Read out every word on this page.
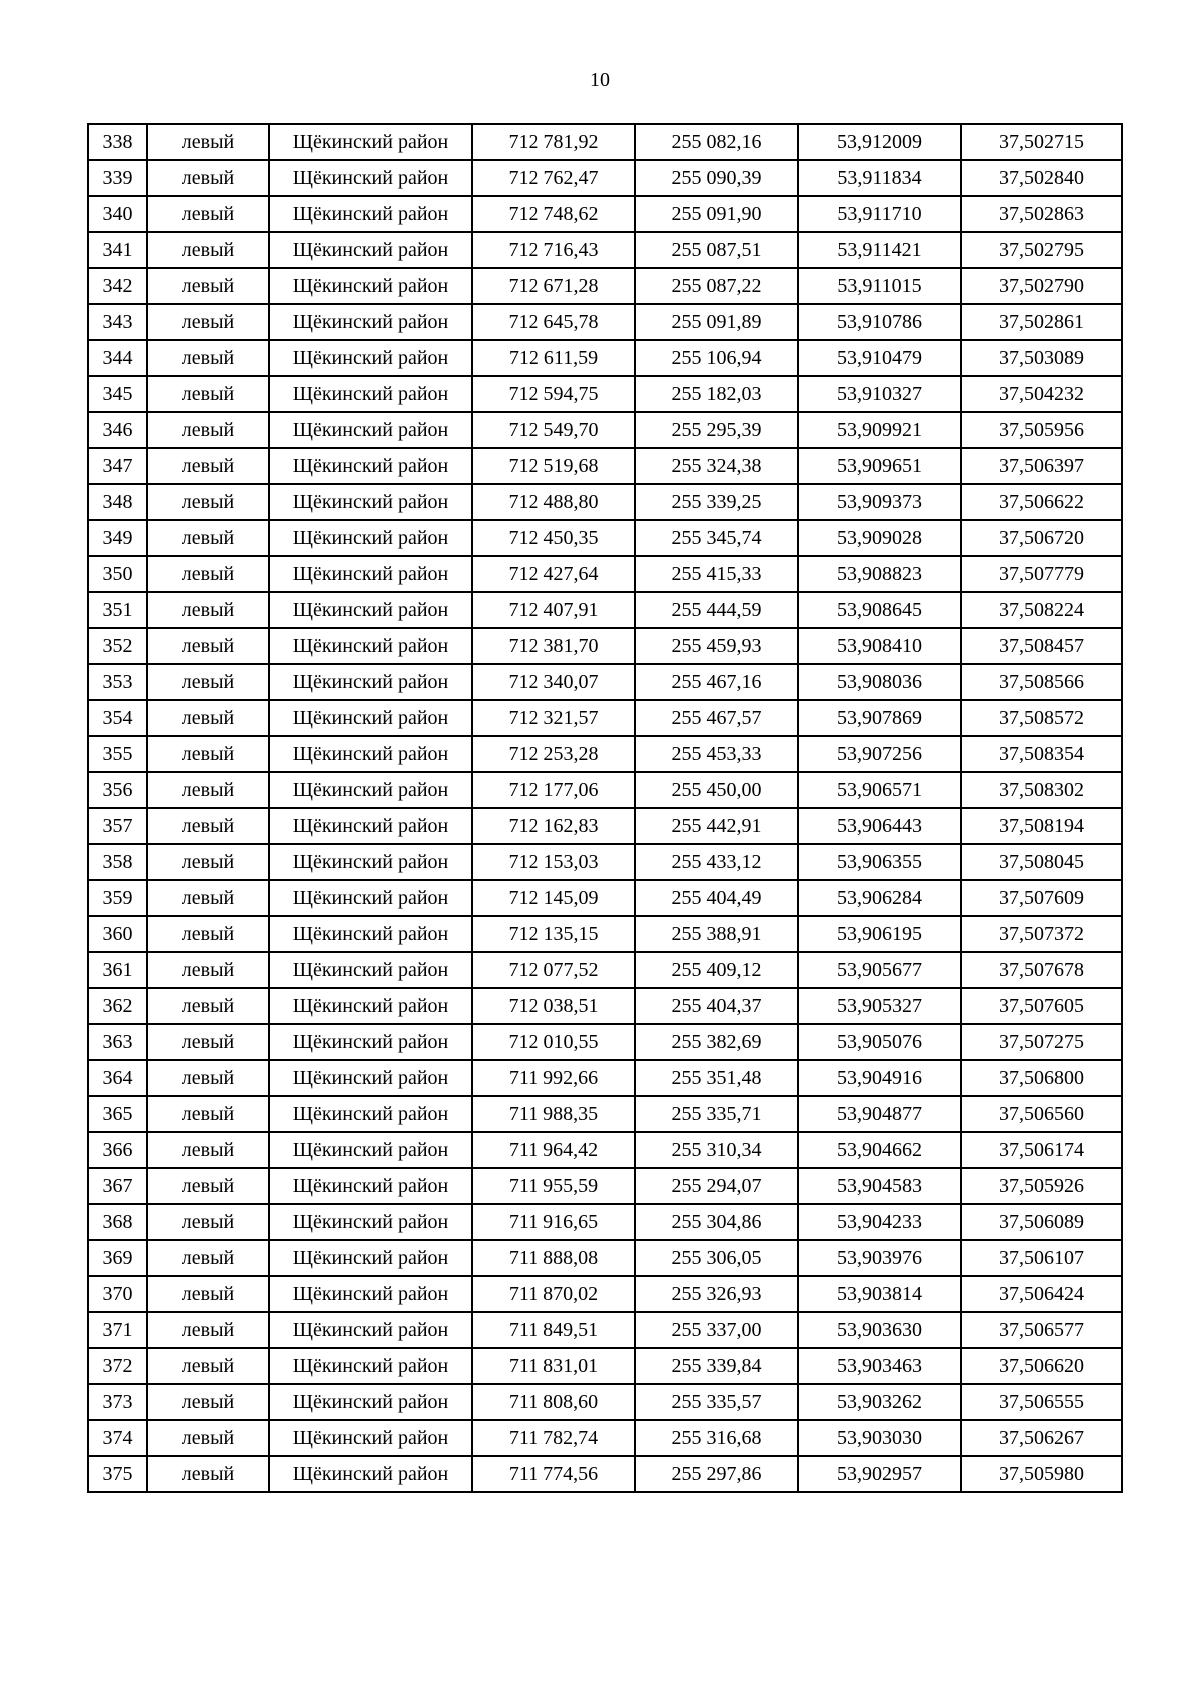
10
338	левый	Щёкинский район	712 781,92	255 082,16	53,912009	37,502715
339	левый	Щёкинский район	712 762,47	255 090,39	53,911834	37,502840
340	левый	Щёкинский район	712 748,62	255 091,90	53,911710	37,502863
341	левый	Щёкинский район	712 716,43	255 087,51	53,911421	37,502795
342	левый	Щёкинский район	712 671,28	255 087,22	53,911015	37,502790
343	левый	Щёкинский район	712 645,78	255 091,89	53,910786	37,502861
344	левый	Щёкинский район	712 611,59	255 106,94	53,910479	37,503089
345	левый	Щёкинский район	712 594,75	255 182,03	53,910327	37,504232
346	левый	Щёкинский район	712 549,70	255 295,39	53,909921	37,505956
347	левый	Щёкинский район	712 519,68	255 324,38	53,909651	37,506397
348	левый	Щёкинский район	712 488,80	255 339,25	53,909373	37,506622
349	левый	Щёкинский район	712 450,35	255 345,74	53,909028	37,506720
350	левый	Щёкинский район	712 427,64	255 415,33	53,908823	37,507779
351	левый	Щёкинский район	712 407,91	255 444,59	53,908645	37,508224
352	левый	Щёкинский район	712 381,70	255 459,93	53,908410	37,508457
353	левый	Щёкинский район	712 340,07	255 467,16	53,908036	37,508566
354	левый	Щёкинский район	712 321,57	255 467,57	53,907869	37,508572
355	левый	Щёкинский район	712 253,28	255 453,33	53,907256	37,508354
356	левый	Щёкинский район	712 177,06	255 450,00	53,906571	37,508302
357	левый	Щёкинский район	712 162,83	255 442,91	53,906443	37,508194
358	левый	Щёкинский район	712 153,03	255 433,12	53,906355	37,508045
359	левый	Щёкинский район	712 145,09	255 404,49	53,906284	37,507609
360	левый	Щёкинский район	712 135,15	255 388,91	53,906195	37,507372
361	левый	Щёкинский район	712 077,52	255 409,12	53,905677	37,507678
362	левый	Щёкинский район	712 038,51	255 404,37	53,905327	37,507605
363	левый	Щёкинский район	712 010,55	255 382,69	53,905076	37,507275
364	левый	Щёкинский район	711 992,66	255 351,48	53,904916	37,506800
365	левый	Щёкинский район	711 988,35	255 335,71	53,904877	37,506560
366	левый	Щёкинский район	711 964,42	255 310,34	53,904662	37,506174
367	левый	Щёкинский район	711 955,59	255 294,07	53,904583	37,505926
368	левый	Щёкинский район	711 916,65	255 304,86	53,904233	37,506089
369	левый	Щёкинский район	711 888,08	255 306,05	53,903976	37,506107
370	левый	Щёкинский район	711 870,02	255 326,93	53,903814	37,506424
371	левый	Щёкинский район	711 849,51	255 337,00	53,903630	37,506577
372	левый	Щёкинский район	711 831,01	255 339,84	53,903463	37,506620
373	левый	Щёкинский район	711 808,60	255 335,57	53,903262	37,506555
374	левый	Щёкинский район	711 782,74	255 316,68	53,903030	37,506267
375	левый	Щёкинский район	711 774,56	255 297,86	53,902957	37,505980
